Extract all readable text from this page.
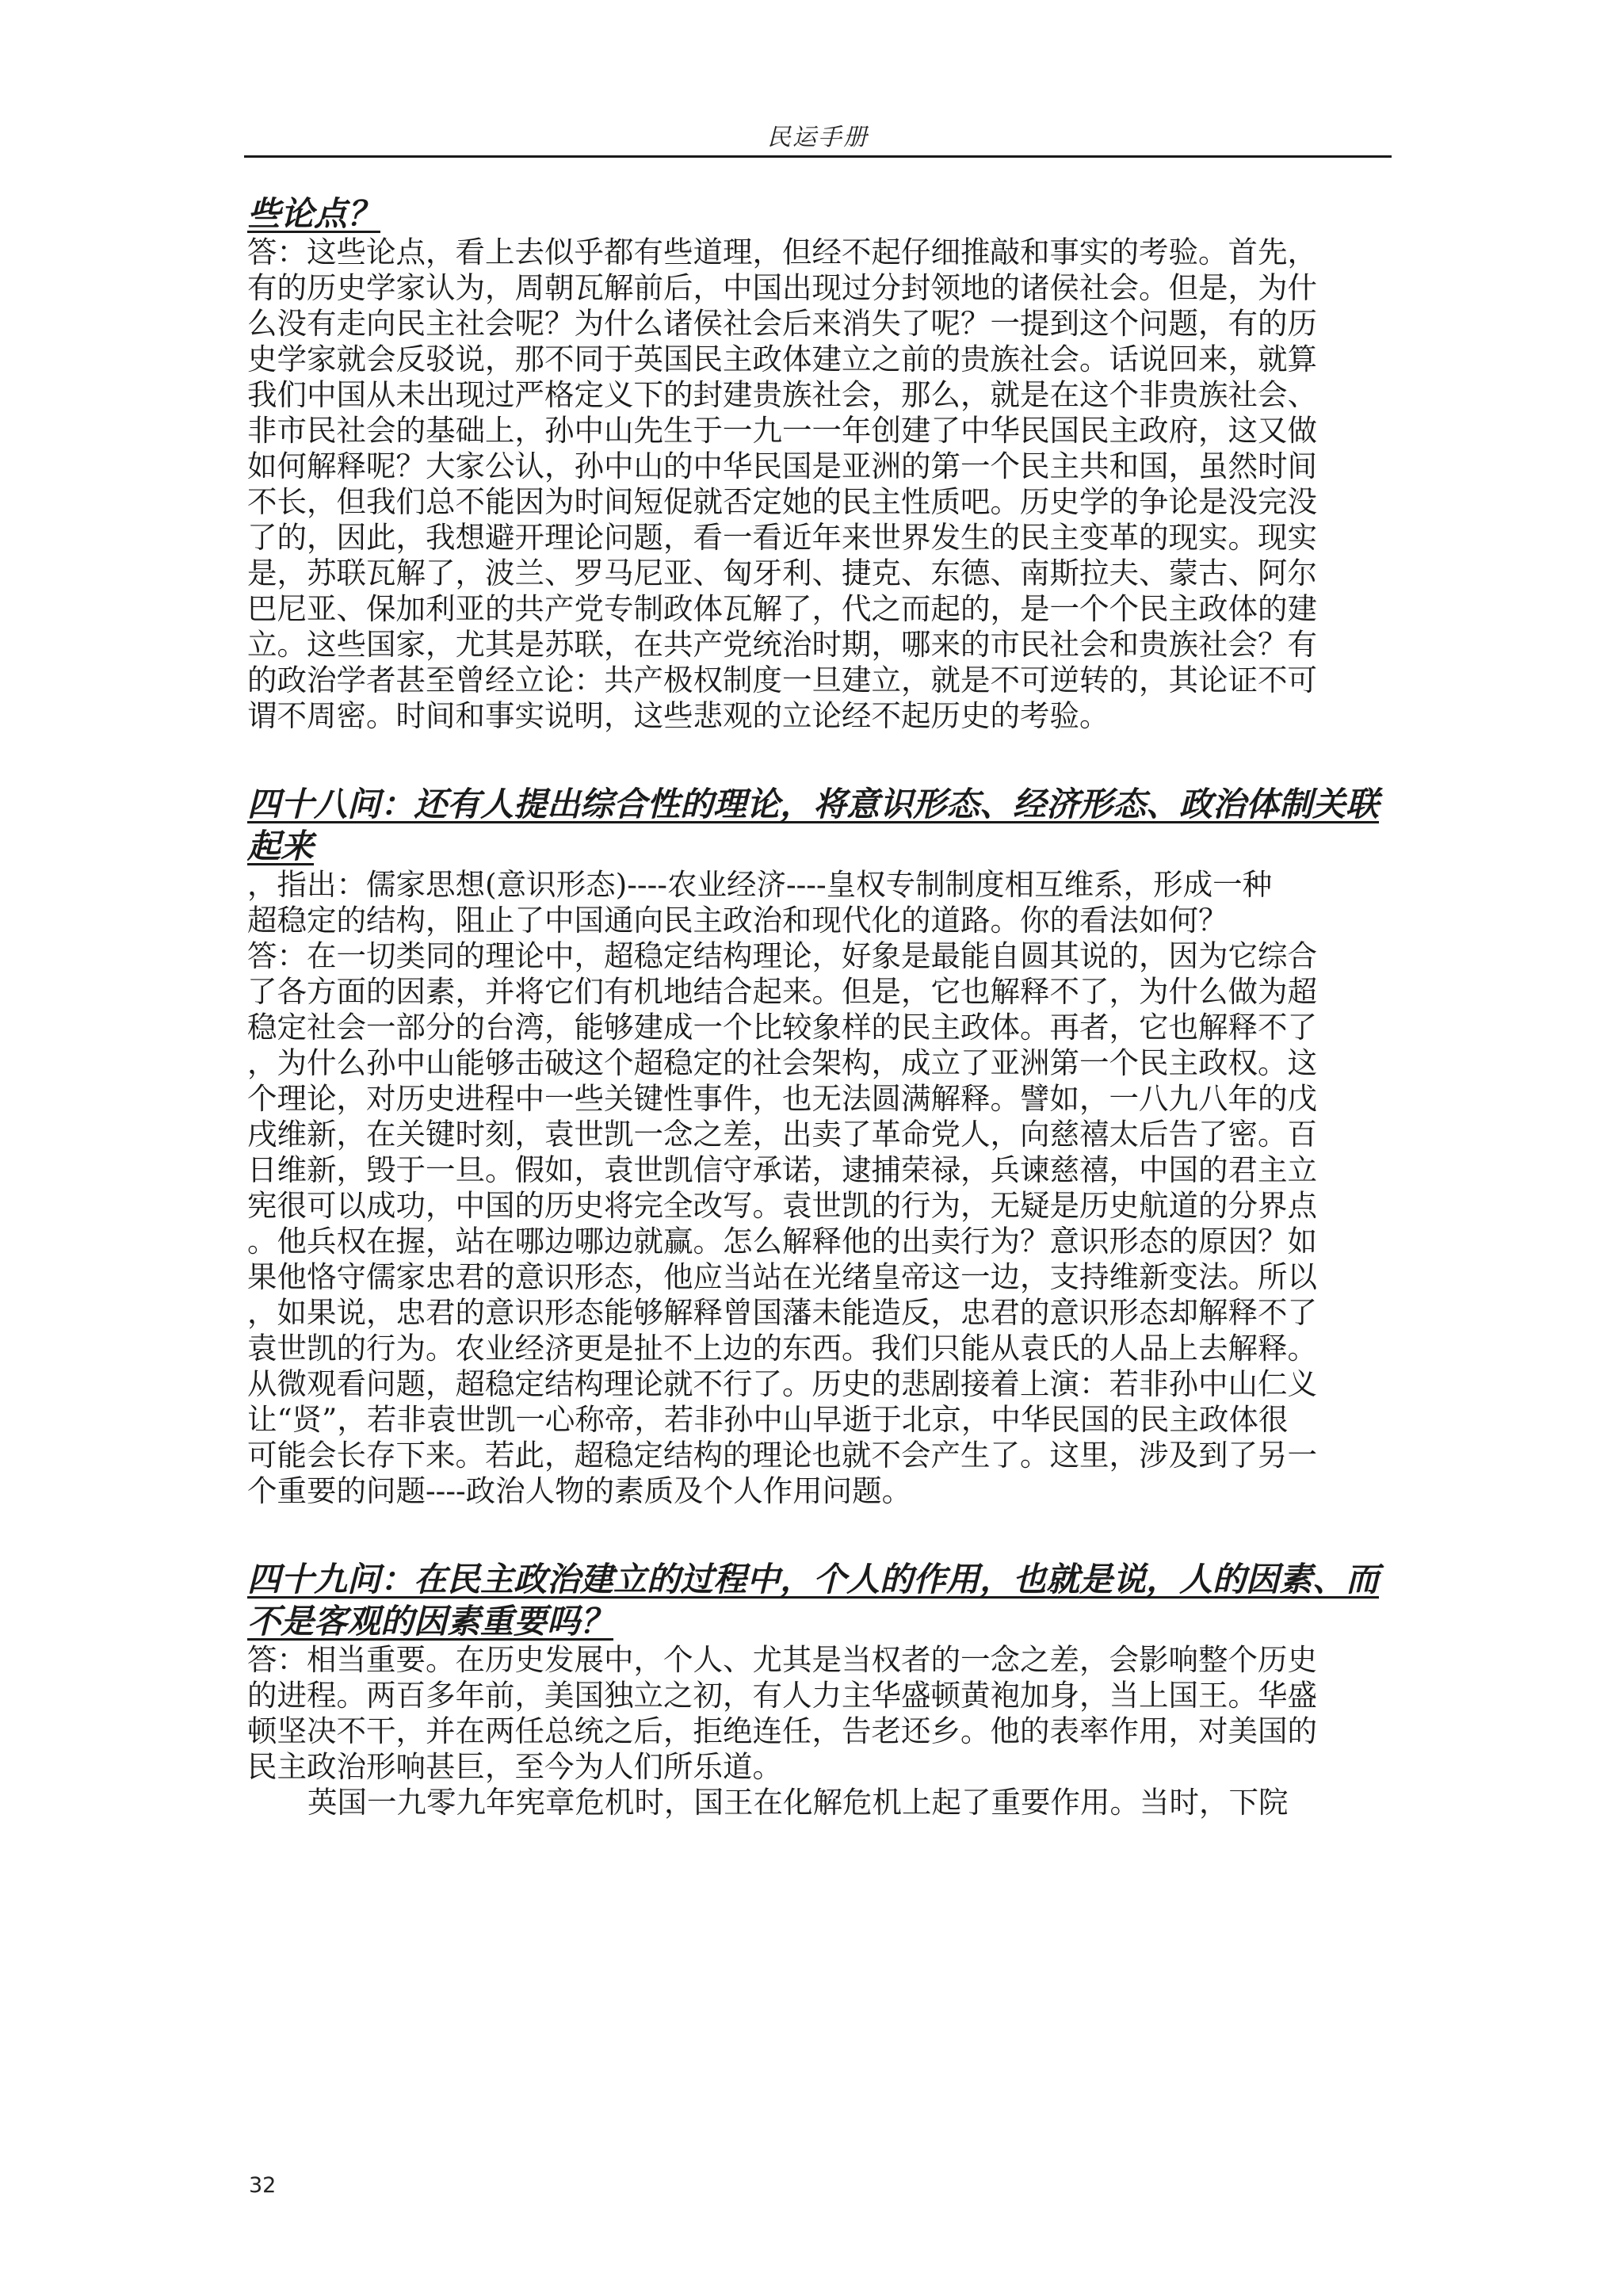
民运手册
些论点？
答：这些论点，看上去似乎都有些道理，但经不起仔细推敲和事实的考验。首先，
有的历史学家认为，周朝瓦解前后，中国出现过分封领地的诸侯社会。但是，为什
么没有走向民主社会呢？为什么诸侯社会后来消失了呢？一提到这个问题，有的历
史学家就会反驳说，那不同于英国民主政体建立之前的贵族社会。话说回来，就算
我们中国从未出现过严格定义下的封建贵族社会，那么，就是在这个非贵族社会、
非市民社会的基础上，孙中山先生于一九一一年创建了中华民国民主政府，这又做
如何解释呢？大家公认，孙中山的中华民国是亚洲的第一个民主共和国，虽然时间
不长，但我们总不能因为时间短促就否定她的民主性质吧。历史学的争论是没完没
了的，因此，我想避开理论问题，看一看近年来世界发生的民主变革的现实。现实
是，苏联瓦解了，波兰、罗马尼亚、匈牙利、捷克、东德、南斯拉夫、蒙古、阿尔
巴尼亚、保加利亚的共产党专制政体瓦解了，代之而起的，是一个个民主政体的建
立。这些国家，尤其是苏联，在共产党统治时期，哪来的市民社会和贵族社会？有
的政治学者甚至曾经立论：共产极权制度一旦建立，就是不可逆转的，其论证不可
谓不周密。时间和事实说明，这些悲观的立论经不起历史的考验。
四十八问：还有人提出综合性的理论，将意识形态、经济形态、政治体制关联
起来
，指出：儒家思想(意识形态)----农业经济----皇权专制制度相互维系，形成一种
超稳定的结构，阻止了中国通向民主政治和现代化的道路。你的看法如何？
答：在一切类同的理论中，超稳定结构理论，好象是最能自圆其说的，因为它综合
了各方面的因素，并将它们有机地结合起来。但是，它也解释不了，为什么做为超
稳定社会一部分的台湾，能够建成一个比较象样的民主政体。再者，它也解释不了
，为什么孙中山能够击破这个超稳定的社会架构，成立了亚洲第一个民主政权。这
个理论，对历史进程中一些关键性事件，也无法圆满解释。譬如，一八九八年的戊
戌维新，在关键时刻，袁世凯一念之差，出卖了革命党人，向慈禧太后告了密。百
日维新，毁于一旦。假如，袁世凯信守承诺，逮捕荣禄，兵谏慈禧，中国的君主立
宪很可以成功，中国的历史将完全改写。袁世凯的行为，无疑是历史航道的分界点
。他兵权在握，站在哪边哪边就赢。怎么解释他的出卖行为？意识形态的原因？如
果他恪守儒家忠君的意识形态，他应当站在光绪皇帝这一边，支持维新变法。所以
，如果说，忠君的意识形态能够解释曾国藩未能造反，忠君的意识形态却解释不了
袁世凯的行为。农业经济更是扯不上边的东西。我们只能从袁氏的人品上去解释。
从微观看问题，超稳定结构理论就不行了。历史的悲剧接着上演：若非孙中山仁义
让“贤”，若非袁世凯一心称帝，若非孙中山早逝于北京，中华民国的民主政体很
可能会长存下来。若此，超稳定结构的理论也就不会产生了。这里，涉及到了另一
个重要的问题----政治人物的素质及个人作用问题。
四十九问：在民主政治建立的过程中，个人的作用，也就是说，人的因素、而
不是客观的因素重要吗？
答：相当重要。在历史发展中，个人、尤其是当权者的一念之差，会影响整个历史
的进程。两百多年前，美国独立之初，有人力主华盛顿黄袍加身，当上国王。华盛
顿坚决不干，并在两任总统之后，拒绝连任，告老还乡。他的表率作用，对美国的
民主政治形响甚巨，至今为人们所乐道。
英国一九零九年宪章危机时，国王在化解危机上起了重要作用。当时，下院
32
